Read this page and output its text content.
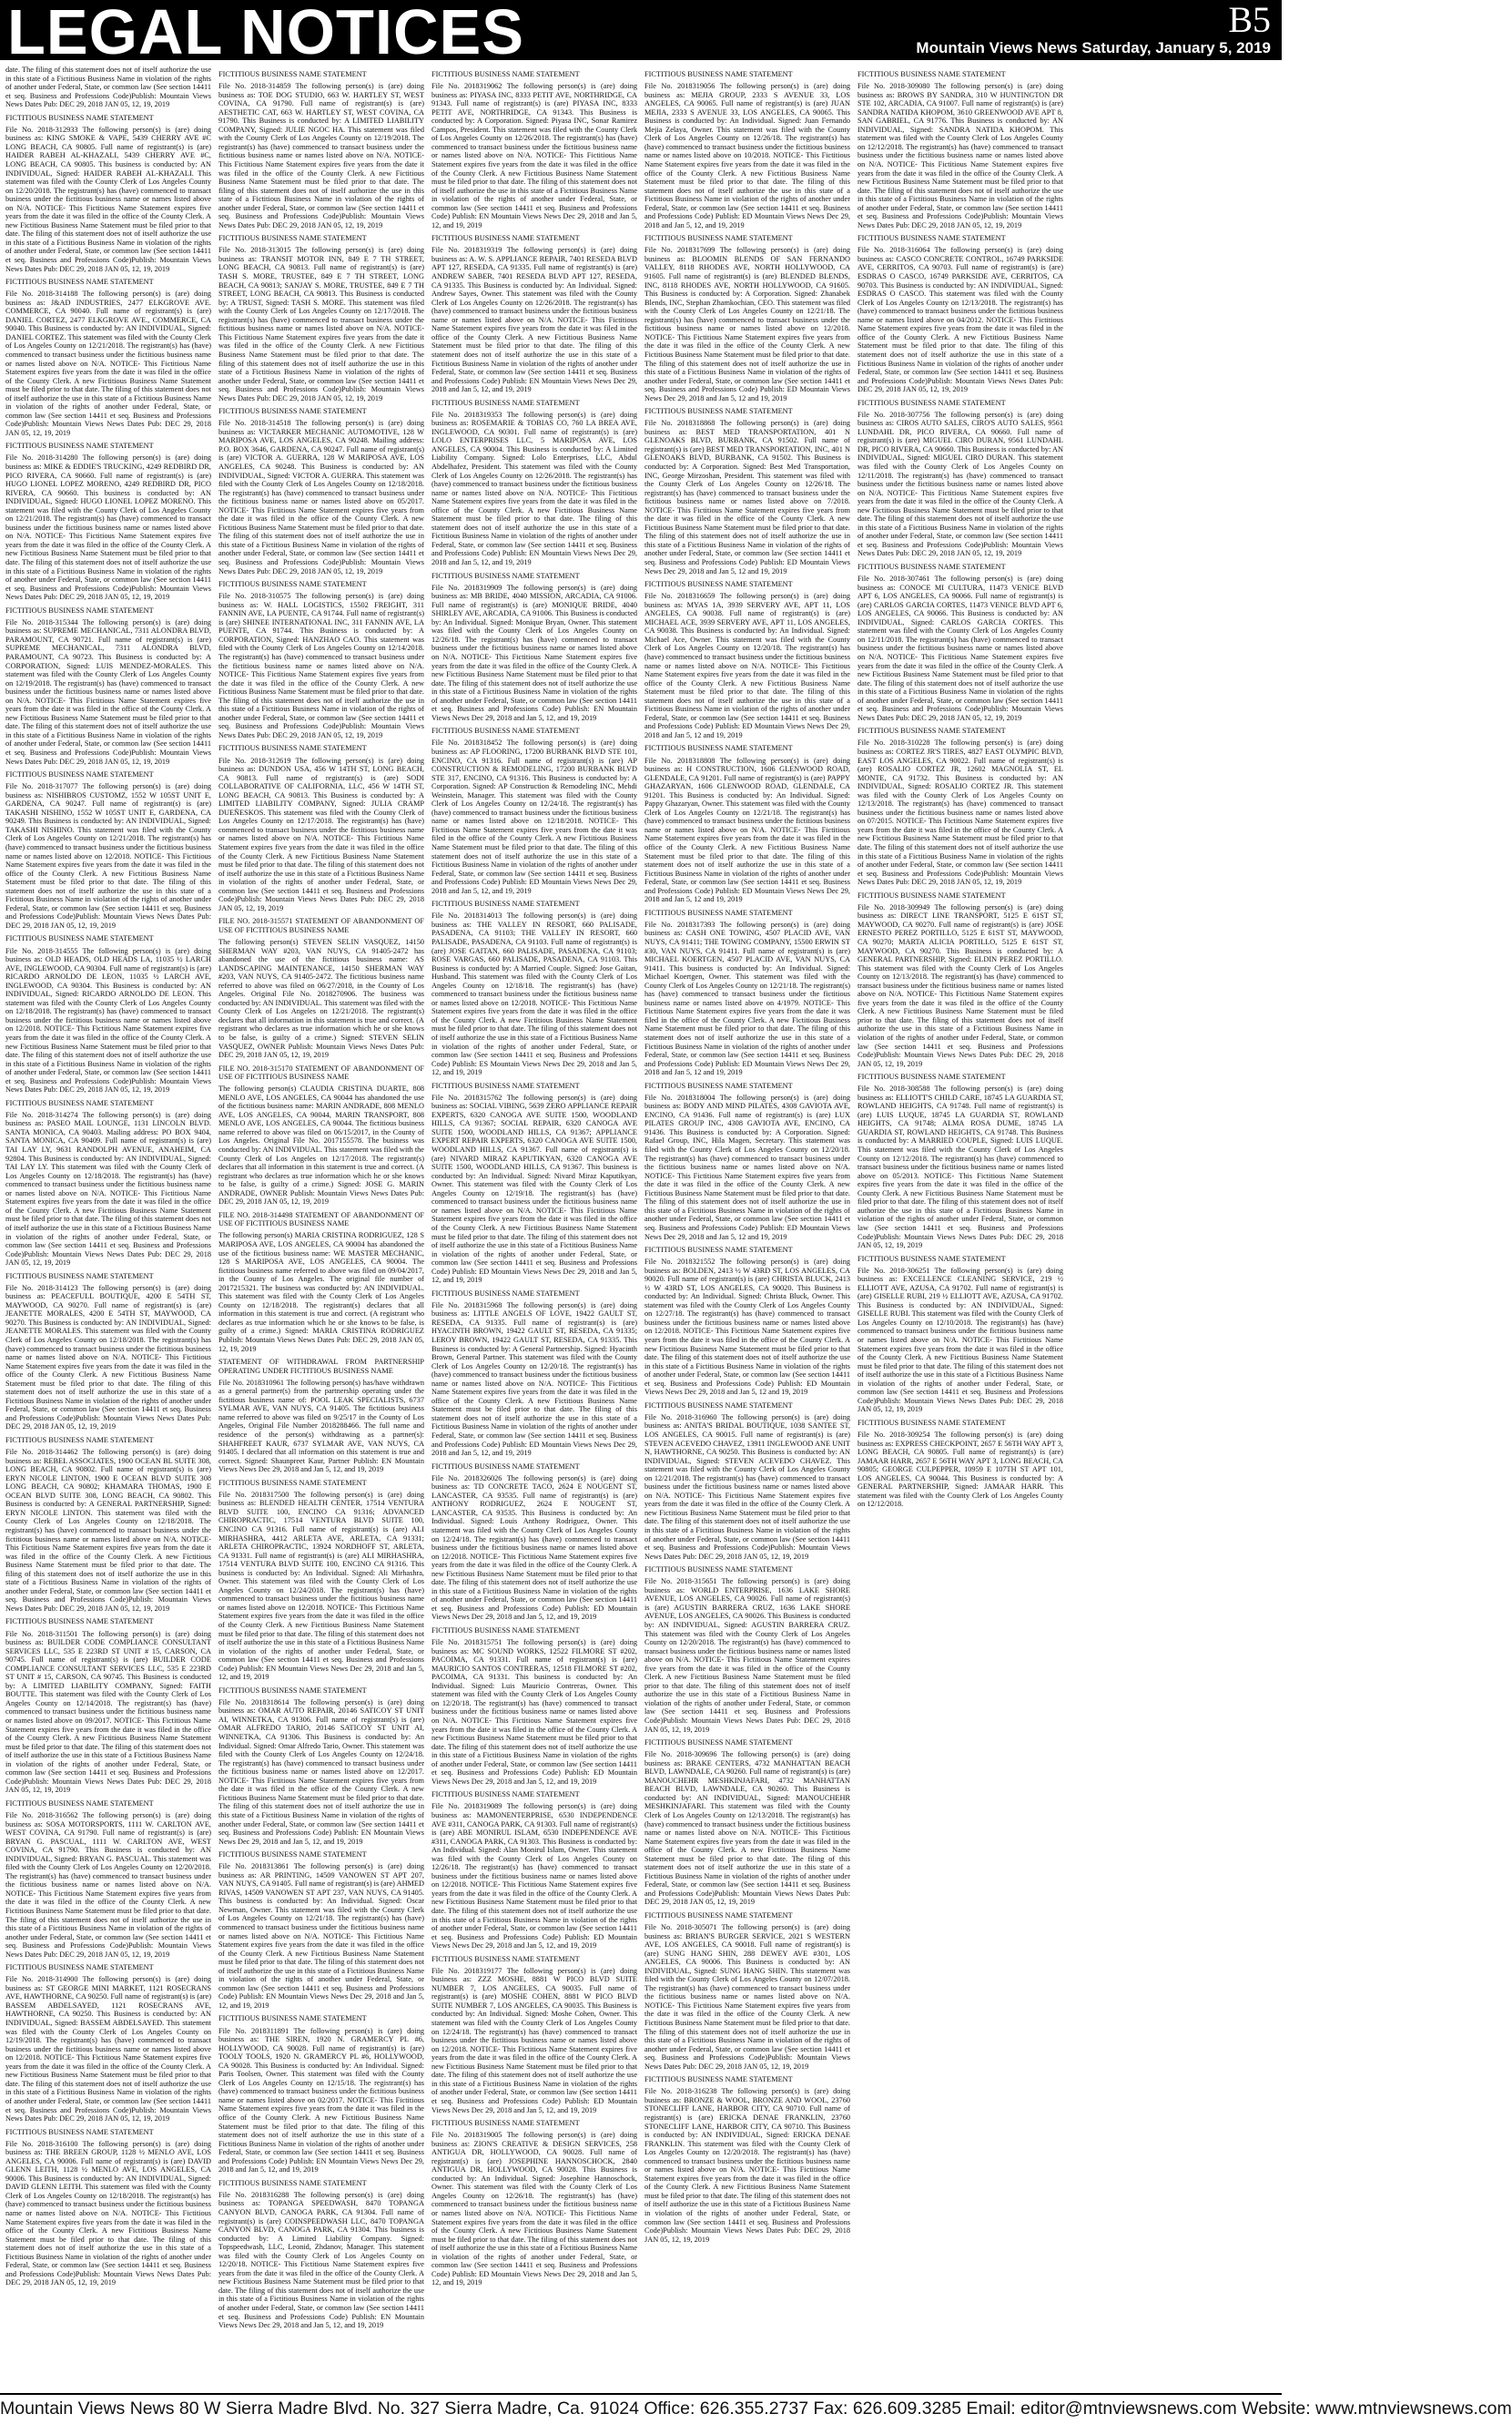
LEGAL NOTICES	B5
Mountain Views News Saturday, January 5, 2019

date. The filing of this statement does not of itself authorize the use in this state of a Fictitious Business Name in violation of the rights of another under Federal, State, or common law (See section 14411 et seq. Business and Professions Code)Publish: Mountain Views News Dates Pub: DEC 29, 2018 JAN 05, 12, 19, 2019

FICTITIOUS BUSINESS NAME STATEMENT

File No. 2018-312933 The following person(s) is (are) doing business as: KING SMOKE & VAPE, 5439 CHERRY AVE #C LONG BEACH, CA 90805. Full name of registrant(s) is (are) HAIDER RABEH AL-KHAZALI, 5439 CHERRY AVE #C, LONG BEACH, CA 90805. This business is conducted by: AN INDIVIDUAL, Signed: HAIDER RABEH AL-KHAZALI. This statement was filed with the County Clerk of Los Angeles County on 12/20/2018. The registrant(s) has (have) commenced to transact business under the fictitious business name or names listed above on N/A. NOTICE- This Fictitious Name Statement expires five years from the date it was filed in the office of the County Clerk. A new Fictitious Business Name Statement must be filed prior to that date. The filing of this statement does not of itself authorize the use in this state of a Fictitious Business Name in violation of the rights of another under Federal, State, or common law (See section 14411 et seq. Business and Professions Code)Publish: Mountain Views News Dates Pub: DEC 29, 2018 JAN 05, 12, 19, 2019

FICTITIOUS BUSINESS NAME STATEMENT

File No. 2018-314188 The following person(s) is (are) doing business as: J&AD INDUSTRIES, 2477 ELKGROVE AVE. COMMERCE, CA 90040. Full name of registrant(s) is (are) DANIEL CORTEZ, 2477 ELKGROVE AVE., COMMERCE, CA 90040. This Business is conducted by: AN INDIVIDUAL, Signed: DANIEL CORTEZ. This statement was filed with the County Clerk of Los Angeles County on 12/21/2018. The registrant(s) has (have) commenced to transact business under the fictitious business name or names listed above on N/A. NOTICE- This Fictitious Name Statement expires five years from the date it was filed in the office of the County Clerk. A new Fictitious Business Name Statement must be filed prior to that date. The filing of this statement does not of itself authorize the use in this state of a Fictitious Business Name in violation of the rights of another under Federal, State, or common law (See section 14411 et seq. Business and Professions Code)Publish: Mountain Views News Dates Pub: DEC 29, 2018 JAN 05, 12, 19, 2019

FICTITIOUS BUSINESS NAME STATEMENT

File No. 2018-314280 The following person(s) is (are) doing business as: MIKE & EDDIE'S TRUCKING, 4249 REDBIRD DR, PICO RIVERA, CA 90660. Full name of registrant(s) is (are) HUGO LIONEL LOPEZ MORENO, 4249 REDBIRD DR, PICO RIVERA, CA 90660. This business is conducted by: AN INDIVIDUAL, Signed: HUGO LIONEL LOPEZ MORENO. This statement was filed with the County Clerk of Los Angeles County on 12/21/2018. The registrant(s) has (have) commenced to transact business under the fictitious business name or names listed above on N/A. NOTICE- This Fictitious Name Statement expires five years from the date it was filed in the office of the County Clerk. A new Fictitious Business Name Statement must be filed prior to that date. The filing of this statement does not of itself authorize the use in this state of a Fictitious Business Name in violation of the rights of another under Federal, State, or common law (See section 14411 et seq. Business and Professions Code)Publish: Mountain Views News Dates Pub: DEC 29, 2018 JAN 05, 12, 19, 2019

FICTITIOUS BUSINESS NAME STATEMENT

File No. 2018-315344 The following person(s) is (are) doing business as: SUPREME MECHANICAL, 7311 ALONDRA BLVD, PARAMOUNT, CA 90721. Full name of registrant(s) is (are) SUPREME MECHANICAL, 7311 ALONDRA BLVD, PARAMOUNT, CA 90723. This Business is conducted by: A CORPORATION, Signed: LUIS MENDEZ-MORALES. This statement was filed with the County Clerk of Los Angeles County on 12/19/2018. The registrant(s) has (have) commenced to transact business under the fictitious business name or names listed above on N/A. NOTICE- This Fictitious Name Statement expires five years from the date it was filed in the office of the County Clerk. A new Fictitious Business Name Statement must be filed prior to that date. The filing of this statement does not of itself authorize the use in this state of a Fictitious Business Name in violation of the rights of another under Federal, State, or common law (See section 14411 et seq. Business and Professions Code)Publish: Mountain Views News Dates Pub: DEC 29, 2018 JAN 05, 12, 19, 2019

FICTITIOUS BUSINESS NAME STATEMENT

File No. 2018-317077 The following person(s) is (are) doing business as: NISHIBROS CUSTOMZ, 1552 W 105ST UNIT E, GARDENA, CA 90247. Full name of registrant(s) is (are) TAKASHI NISHINO, 1552 W 105ST UNIT E, GARDENA, CA 90249. This Business is conducted by: AN INDIVIDUAL, Signed: TAKASHI NISHINO. This statement was filed with the County Clerk of Los Angeles County on 12/21/2018. The registrant(s) has (have) commenced to transact business under the fictitious business name or names listed above on 12/2018. NOTICE- This Fictitious Name Statement expires five years from the date it was filed in the office of the County Clerk. A new Fictitious Business Name Statement must be filed prior to that date. The filing of this statement does not of itself authorize the use in this state of a Fictitious Business Name in violation of the rights of another under Federal, State, or common law (See section 14411 et seq. Business and Professions Code)Publish: Mountain Views News Dates Pub: DEC 29, 2018 JAN 05, 12, 19, 2019

FICTITIOUS BUSINESS NAME STATEMENT

File No. 2018-314555 The following person(s) is (are) doing business as: OLD HEADS, OLD HEADS LA, 11035 ½ LARCH AVE, INGLEWOOD, CA 90304. Full name of registrant(s) is (are) RICARDO ARNOLDO DE LEON, 11035 ½ LARCH AVE, INGLEWOOD, CA 90304. This Business is conducted by: AN INDIVIDUAL, Signed: RICARDO ARNOLDO DE LEON. This statement was filed with the County Clerk of Los Angeles County on 12/18/2018. The registrant(s) has (have) commenced to transact business under the fictitious business name or names listed above on 12/2018. NOTICE- This Fictitious Name Statement expires five years from the date it was filed in the office of the County Clerk. A new Fictitious Business Name Statement must be filed prior to that date. The filing of this statement does not of itself authorize the use in this state of a Fictitious Business Name in violation of the rights of another under Federal, State, or common law (See section 14411 et seq. Business and Professions Code)Publish: Mountain Views News Dates Pub: DEC 29, 2018 JAN 05, 12, 19, 2019

FICTITIOUS BUSINESS NAME STATEMENT

File No. 2018-314274 The following person(s) is (are) doing business as: PASEO MAIL LOUNGE, 1131 LINCOLN BLVD. SANTA MONICA, CA 90403. Mailing address: PO BOX 9404, SANTA MONICA, CA 90409. Full name of registrant(s) is (are) TAI LAY LY, 9631 RANDOLPH AVENUE, ANAHEIM, CA 92804. This Business is conducted by: AN INDIVIDUAL, Signed: TAI LAY LY. This statement was filed with the County Clerk of Los Angeles County on 12/18/2018. The registrant(s) has (have) commenced to transact business under the fictitious business name or names listed above on N/A. NOTICE- This Fictitious Name Statement expires five years from the date it was filed in the office of the County Clerk. A new Fictitious Business Name Statement must be filed prior to that date. The filing of this statement does not of itself authorize the use in this state of a Fictitious Business Name in violation of the rights of another under Federal, State, or common law (See section 14411 et seq. Business and Professions Code)Publish: Mountain Views News Dates Pub: DEC 29, 2018 JAN 05, 12, 19, 2019

FICTITIOUS BUSINESS NAME STATEMENT

File No. 2018-314123 The following person(s) is (are) doing business as: PEACEFULL BOUTIQUE, 4200 E 54TH ST, MAYWOOD, CA 90270. Full name of registrant(s) is (are) JEANETTE MORALES, 4200 E 54TH ST, MAYWOOD, CA 90270. This Business is conducted by: AN INDIVIDUAL, Signed: JEANETTE MORALES. This statement was filed with the County Clerk of Los Angeles County on 12/18/2018. The registrant(s) has (have) commenced to transact business under the fictitious business name or names listed above on N/A. NOTICE- This Fictitious Name Statement expires five years from the date it was filed in the office of the County Clerk. A new Fictitious Business Name Statement must be filed prior to that date. The filing of this statement does not of itself authorize the use in this state of a Fictitious Business Name in violation of the rights of another under Federal, State, or common law (See section 14411 et seq. Business and Professions Code)Publish: Mountain Views News Dates Pub: DEC 29, 2018 JAN 05, 12, 19, 2019

FICTITIOUS BUSINESS NAME STATEMENT

File No. 2018-314462 The following person(s) is (are) doing business as: REBEL ASSOCIATES, 1900 OCEAN BL SUITE 308, LONG BEACH, CA 90802. Full name of registrant(s) is (are) ERYN NICOLE LINTON, 1900 E OCEAN BLVD SUITE 308 LONG BEACH, CA 90802; KHAMARA THOMAS, 1900 E OCEAN BLVD SUITE 308, LONG BEACH, CA 90802. This Business is conducted by: A GENERAL PARTNERSHIP, Signed: ERYN NICOLE LINTON. This statement was filed with the County Clerk of Los Angeles County on 12/18/2018. The registrant(s) has (have) commenced to transact business under the fictitious business name or names listed above on N/A. NOTICE- This Fictitious Name Statement expires five years from the date it was filed in the office of the County Clerk. A new Fictitious Business Name Statement must be filed prior to that date. The filing of this statement does not of itself authorize the use in this state of a Fictitious Business Name in violation of the rights of another under Federal, State, or common law (See section 14411 et seq. Business and Professions Code)Publish: Mountain Views News Dates Pub: DEC 29, 2018 JAN 05, 12, 19, 2019

FICTITIOUS BUSINESS NAME STATEMENT

File No. 2018-311501 The following person(s) is (are) doing business as: BUILDER CODE COMPLIANCE CONSULTANT SERVICES LLC, 535 E 223RD ST UNIT # 15, CARSON, CA 90745. Full name of registrant(s) is (are) BUILDER CODE COMPLIANCE CONSULTANT SERVICES LLC, 535 E 223RD ST UNIT # 15, CARSON, CA 90745. This Business is conducted by: A LIMITED LIABILITY COMPANY, Signed: FAITH BOUTTE. This statement was filed with the County Clerk of Los Angeles County on 12/14/2018. The registrant(s) has (have) commenced to transact business under the fictitious business name or names listed above on 09/2017. NOTICE- This Fictitious Name Statement expires five years from the date it was filed in the office of the County Clerk. A new Fictitious Business Name Statement must be filed prior to that date. The filing of this statement does not of itself authorize the use in this state of a Fictitious Business Name in violation of the rights of another under Federal, State, or common law (See section 14411 et seq. Business and Professions Code)Publish: Mountain Views News Dates Pub: DEC 29, 2018 JAN 05, 12, 19, 2019

FICTITIOUS BUSINESS NAME STATEMENT

File No. 2018-316562 The following person(s) is (are) doing business as: SOSA MOTORSPORTS, 1111 W. CARLTON AVE, WEST COVINA, CA 91790. Full name of registrant(s) is (are) BRYAN G. PASCUAL, 1111 W. CARLTON AVE, WEST COVINA, CA 91790. This Business is conducted by: AN INDIVIDUAL, Signed: BRYAN G. PASCUAL. This statement was filed with the County Clerk of Los Angeles County on 12/20/2018. The registrant(s) has (have) commenced to transact business under the fictitious business name or names listed above on N/A. NOTICE- This Fictitious Name Statement expires five years from the date it was filed in the office of the County Clerk. A new Fictitious Business Name Statement must be filed prior to that date. The filing of this statement does not of itself authorize the use in this state of a Fictitious Business Name in violation of the rights of another under Federal, State, or common law (See section 14411 et seq. Business and Professions Code)Publish: Mountain Views News Dates Pub: DEC 29, 2018 JAN 05, 12, 19, 2019

FICTITIOUS BUSINESS NAME STATEMENT

File No. 2018-314900 The following person(s) is (are) doing business as: ST GEORGE MINI MARKET, 1121 ROSECRANS AVE, HAWTHORNE, CA 90250. Full name of registrant(s) is (are) BASSEM ABDELSAYED, 1121 ROSECRANS AVE, HAWTHORNE, CA 90250. This Business is conducted by: AN INDIVIDUAL, Signed: BASSEM ABDELSAYED. This statement was filed with the County Clerk of Los Angeles County on 12/19/2018. The registrant(s) has (have) commenced to transact business under the fictitious business name or names listed above on 12/2018. NOTICE- This Fictitious Name Statement expires five years from the date it was filed in the office of the County Clerk. A new Fictitious Business Name Statement must be filed prior to that date. The filing of this statement does not of itself authorize the use in this state of a Fictitious Business Name in violation of the rights of another under Federal, State, or common law (See section 14411 et seq. Business and Professions Code)Publish: Mountain Views News Dates Pub: DEC 29, 2018 JAN 05, 12, 19, 2019

FICTITIOUS BUSINESS NAME STATEMENT

File No. 2018-316100 The following person(s) is (are) doing business as: THE BREEN GROUP, 1128 ½ MENLO AVE, LOS ANGELES, CA 90006. Full name of registrant(s) is (are) DAVID GLENN LEITH, 1128 ½ MENLO AVE, LOS ANGELES, CA 90006. This Business is conducted by: AN INDIVIDUAL, Signed: DAVID GLENN LEITH. This statement was filed with the County Clerk of Los Angeles County on 12/18/2018. The registrant(s) has (have) commenced to transact business under the fictitious business name or names listed above on N/A. NOTICE- This Fictitious Name Statement expires five years from the date it was filed in the office of the County Clerk. A new Fictitious Business Name Statement must be filed prior to that date. The filing of this statement does not of itself authorize the use in this state of a Fictitious Business Name in violation of the rights of another under Federal, State, or common law (See section 14411 et seq. Business and Professions Code)Publish: Mountain Views News Dates Pub: DEC 29, 2018 JAN 05, 12, 19, 2019

FICTITIOUS BUSINESS NAME STATEMENT

File No. 2018-314859 The following person(s) is (are) doing business as: TOE DOG STUDIO, 663 W. HARTLEY ST, WEST COVINA, CA 91790. Full name of registrant(s) is (are) AESTHETIC CAT, 663 W. HARTLEY ST, WEST COVINA, CA 91790. This Business is conducted by: A LIMITED LIABILITY COMPANY, Signed: JULIE NGOC HA. This statement was filed with the County Clerk of Los Angeles County on 12/19/2018. The registrant(s) has (have) commenced to transact business under the fictitious business name or names listed above on N/A. NOTICE- This Fictitious Name Statement expires five years from the date it was filed in the office of the County Clerk. A new Fictitious Business Name Statement must be filed prior to that date. The filing of this statement does not of itself authorize the use in this state of a Fictitious Business Name in violation of the rights of another under Federal, State, or common law (See section 14411 et seq. Business and Professions Code)Publish: Mountain Views News Dates Pub: DEC 29, 2018 JAN 05, 12, 19, 2019

FICTITIOUS BUSINESS NAME STATEMENT

File No. 2018-313015 The following person(s) is (are) doing business as: TRANSIT MOTOR INN, 849 E 7 TH STREET, LONG BEACH, CA 90813. Full name of registrant(s) is (are) TASH S. MORE, TRUSTEE, 849 E 7 TH STREET, LONG BEACH, CA 90813; SANJAY S. MORE, TRUSTEE, 849 E 7 TH STREET, LONG BEACH, CA 90813. This Business is conducted by: A TRUST, Signed: TASH S. MORE. This statement was filed with the County Clerk of Los Angeles County on 12/17/2018. The registrant(s) has (have) commenced to transact business under the fictitious business name or names listed above on N/A. NOTICE- This Fictitious Name Statement expires five years from the date it was filed in the office of the County Clerk. A new Fictitious Business Name Statement must be filed prior to that date. The filing of this statement does not of itself authorize the use in this state of a Fictitious Business Name in violation of the rights of another under Federal, State, or common law (See section 14411 et seq. Business and Professions Code)Publish: Mountain Views News Dates Pub: DEC 29, 2018 JAN 05, 12, 19, 2019

FICTITIOUS BUSINESS NAME STATEMENT

File No. 2018-314518 The following person(s) is (are) doing business as: VICTARKER MECHANIC AUTOMOTIVE, 128 W MARIPOSA AVE, LOS ANGELES, CA 90248. Mailing address: P.O. BOX 3646, GARDENA, CA 90247. Full name of registrant(s) is (are) VICTOR A. GUERRA, 128 W MARIPOSA AVE, LOS ANGELES, CA 90248. This Business is conducted by: AN INDIVIDUAL, Signed: VICTOR A. GUERRA. This statement was filed with the County Clerk of Los Angeles County on 12/18/2018. The registrant(s) has (have) commenced to transact business under the fictitious business name or names listed above on 05/2017. NOTICE- This Fictitious Name Statement expires five years from the date it was filed in the office of the County Clerk. A new Fictitious Business Name Statement must be filed prior to that date. The filing of this statement does not of itself authorize the use in this state of a Fictitious Business Name in violation of the rights of another under Federal, State, or common law (See section 14411 et seq. Business and Professions Code)Publish: Mountain Views News Dates Pub: DEC 29, 2018 JAN 05, 12, 19, 2019

FICTITIOUS BUSINESS NAME STATEMENT

File No. 2018-310575 The following person(s) is (are) doing business as: W. HALL LOGISTICS, 15502 FREIGHT, 311 FANNIN AVE, LA PUENTE, CA 91744. Full name of registrant(s) is (are) SHINEE INTERNATIONAL INC, 311 FANNIN AVE, LA PUENTE, CA 91744. This Business is conducted by: A CORPORATION, Signed: HANZHAO CAO. This statement was filed with the County Clerk of Los Angeles County on 12/14/2018. The registrant(s) has (have) commenced to transact business under the fictitious business name or names listed above on N/A. NOTICE- This Fictitious Name Statement expires five years from the date it was filed in the office of the County Clerk. A new Fictitious Business Name Statement must be filed prior to that date. The filing of this statement does not of itself authorize the use in this state of a Fictitious Business Name in violation of the rights of another under Federal, State, or common law (See section 14411 et seq. Business and Professions Code)Publish: Mountain Views News Dates Pub: DEC 29, 2018 JAN 05, 12, 19, 2019

FICTITIOUS BUSINESS NAME STATEMENT

File No. 2018-312619 The following person(s) is (are) doing business as: DUNDON USA, 456 W 14TH ST, LONG BEACH, CA 90813. Full name of registrant(s) is (are) SODI COLLABORATIVE OF CALIFORNIA, LLC, 456 W 14TH ST, LONG BEACH, CA 90813. This Business is conducted by: A LIMITED LIABILITY COMPANY, Signed: JULIA CRAMP DUEÑESKOS. This statement was filed with the County Clerk of Los Angeles County on 12/17/2018. The registrant(s) has (have) commenced to transact business under the fictitious business name or names listed above on N/A. NOTICE- This Fictitious Name Statement expires five years from the date it was filed in the office of the County Clerk. A new Fictitious Business Name Statement must be filed prior to that date. The filing of this statement does not of itself authorize the use in this state of a Fictitious Business Name in violation of the rights of another under Federal, State, or common law (See section 14411 et seq. Business and Professions Code)Publish: Mountain Views News Dates Pub: DEC 29, 2018 JAN 05, 12, 19, 2019

FILE NO. 2018-315571 STATEMENT OF ABANDONMENT OF USE OF FICTITIOUS BUSINESS NAME

The following person(s) STEVEN SELIN VASQUEZ, 14150 SHERMAN WAY #203, VAN NUYS, CA 91405-2472 has abandoned the use of the fictitious business name: AS LANDSCAPING MAINTENANCE, 14150 SHERMAN WAY #203, VAN NUYS, CA 91405-2472. The fictitious business name referred to above was filed on 06/27/2018, in the County of Los Angeles. Original File No. 2018270906. The business was conducted by: AN INDIVIDUAL. This statement was filed with the County Clerk of Los Angeles on 12/21/2018. The registrant(s) declares that all information in this statement is true and correct. (A registrant who declares as true information which he or she knows to be false, is guilty of a crime.) Signed: STEVEN SELIN VASQUEZ, OWNER Publish: Mountain Views News Dates Pub: DEC 29, 2018 JAN 05, 12, 19, 2019

FILE NO. 2018-315170 STATEMENT OF ABANDONMENT OF USE OF FICTITIOUS BUSINESS NAME

The following person(s) CLAUDIA CRISTINA DUARTE, 808 MENLO AVE, LOS ANGELES, CA 90044 has abandoned the use of the fictitious business name: MARIN ANDRADE, 808 MENLO AVE, LOS ANGELES, CA 90044, MARIN TRANSPORT, 808 MENLO AVE, LOS ANGELES, CA 90044. The fictitious business name referred to above was filed on 06/15/2017, in the County of Los Angeles. Original File No. 2017155578. The business was conducted by: AN INDIVIDUAL. This statement was filed with the County Clerk of Los Angeles on 12/17/2018. The registrant(s) declares that all information in this statement is true and correct. (A registrant who declares as true information which he or she knows to be false, is guilty of a crime.) Signed: JOSE G. MARIN ANDRADE, OWNER Publish: Mountain Views News Dates Pub: DEC 29, 2018 JAN 05, 12, 19, 2019

FILE NO. 2018-314498 STATEMENT OF ABANDONMENT OF USE OF FICTITIOUS BUSINESS NAME

The following person(s) MARIA CRISTINA RODRIGUEZ, 128 S MARIPOSA AVE, LOS ANGELES, CA 90004 has abandoned the use of the fictitious business name: WE MASTER MECHANIC, 128 S MARIPOSA AVE, LOS ANGELES, CA 90004. The fictitious business name referred to above was filed on 09/04/2017, in the County of Los Angeles. The original file number of 2017215321. The business was conducted by: AN INDIVIDUAL. This statement was filed with the County Clerk of Los Angeles County on 12/18/2018. The registrant(s) declares that all information in this statement is true and correct. (A registrant who declares as true information which he or she knows to be false, is guilty of a crime.) Signed: MARIA CRISTINA RODRIGUEZ Publish: Mountain Views News Dates Pub: DEC 29, 2018 JAN 05, 12, 19, 2019

STATEMENT OF WITHDRAWAL FROM PARTNERSHIP OPERATING UNDER FICTITIOUS BUSINESS NAME

File No. 2018310961 The following person(s) has/have withdrawn as a general partner(s) from the partnership operating under the fictitious business name of: POOL LEAK SPECIALISTS, 6737 SYLMAR AVE, VAN NUYS, CA 91405. The fictitious business name referred to above was filed on 9/25/17 in the County of Los Angeles, Original File Number 2018288466. The full name and residence of the person(s) withdrawing as a partner(s): SHAHFREET KAUR, 6737 SYLMAR AVE, VAN NUYS, CA 91405. I declared that all information on this statement is true and correct. Signed: Shaunpreet Kaur, Partner Publish: EN Mountain Views News Dec 29, 2018 and Jan 5, 12, and 19, 2019

FICTITIOUS BUSINESS NAME STATEMENT

File No. 2018317500 The following person(s) is (are) doing business as: BLENDED HEALTH CENTER, 17514 VENTURA BLVD SUITE 100, ENCINO CA 91316; ADVANCED CHIROPRACTIC, 17514 VENTURA BLVD SUITE 100, ENCINO CA 91316. Full name of registrant(s) is (are) ALI MIRHASHRA, 4412 ARLETA AVE, ARLETA, CA 91331; ARLETA CHIROPRACTIC, 13924 NORDHOFF ST, ARLETA, CA 91331. Full name of registrant(s) is (are) ALI MIRHASHRA, 17514 VENTURA BLVD SUITE 100, ENCINO CA 91316. This business is conducted by: An Individual. Signed: Ali Mirhashra, Owner. This statement was filed with the County Clerk of Los Angeles County on 12/24/2018. The registrant(s) has (have) commenced to transact business under the fictitious business name or names listed above on 12/2018. NOTICE- This Fictitious Name Statement expires five years from the date it was filed in the office of the County Clerk. A new Fictitious Business Name Statement must be filed prior to that date. The filing of this statement does not of itself authorize the use in this state of a Fictitious Business Name in violation of the rights of another under Federal, State, or common law (See section 14411 et seq. Business and Professions Code) Publish: EN Mountain Views News Dec 29, 2018 and Jan 5, 12, and 19, 2019

FICTITIOUS BUSINESS NAME STATEMENT

File No. 2018318614 The following person(s) is (are) doing business as: OMAR AUTO REPAIR, 20146 SATICOY ST UNIT AI, WINNETKA, CA 91306. Full name of registrant(s) is (are) OMAR ALFREDO TARIO, 20146 SATICOY ST UNIT AI, WINNETKA, CA 91306. This Business is conducted by: An Individual. Signed: Omar Alfredo Tario, Owner. This statement was filed with the County Clerk of Los Angeles County on 12/24/18. The registrant(s) has (have) commenced to transact business under the fictitious business name or names listed above on 12/2017. NOTICE- This Fictitious Name Statement expires five years from the date it was filed in the office of the County Clerk. A new Fictitious Business Name Statement must be filed prior to that date. The filing of this statement does not of itself authorize the use in this state of a Fictitious Business Name in violation of the rights of another under Federal, State, or common law (See section 14411 et seq. Business and Professions Code) Publish: EN Mountain Views News Dec 29, 2018 and Jan 5, 12, and 19, 2019

FICTITIOUS BUSINESS NAME STATEMENT

File No. 2018313861 The following person(s) is (are) doing business as: AR PRINTING, 14509 VANOWEN ST APT 207, VAN NUYS, CA 91405. Full name of registrant(s) is (are) AHMED RIVAS, 14509 VANOWEN ST APT 237, VAN NUYS, CA 91405. This business is conducted by: An Individual. Signed: Oscar Newman, Owner. This statement was filed with the County Clerk of Los Angeles County on 12/21/18. The registrant(s) has (have) commenced to transact business under the fictitious business name or names listed above on N/A. NOTICE- This Fictitious Name Statement expires five years from the date it was filed in the office of the County Clerk. A new Fictitious Business Name Statement must be filed prior to that date. The filing of this statement does not of itself authorize the use in this state of a Fictitious Business Name in violation of the rights of another under Federal, State, or common law (See section 14411 et seq. Business and Professions Code) Publish: EN Mountain Views News Dec 29, 2018 and Jan 5, 12, and 19, 2019

FICTITIOUS BUSINESS NAME STATEMENT

File No. 2018311891 The following person(s) is (are) doing business as: THE SIREN, 1920 N. GRAMERCY PL #6, HOLLYWOOD, CA 90028. Full name of registrant(s) is (are) TOOLY TOOLS, 1920 N. GRAMERCY PL #6, HOLLYWOOD, CA 90028. This Business is conducted by: An Individual. Signed: Paris Toolsen, Owner. This statement was filed with the County Clerk of Los Angeles County on 12/15/18. The registrant(s) has (have) commenced to transact business under the fictitious business name or names listed above on 02/2017. NOTICE- This Fictitious Name Statement expires five years from the date it was filed in the office of the County Clerk. A new Fictitious Business Name Statement must be filed prior to that date. The filing of this statement does not of itself authorize the use in this state of a Fictitious Business Name in violation of the rights of another under Federal, State, or common law (See section 14411 et seq. Business and Professions Code) Publish: EN Mountain Views News Dec 29, 2018 and Jan 5, 12, and 19, 2019

FICTITIOUS BUSINESS NAME STATEMENT

File No. 2018316288 The following person(s) is (are) doing business as: TOPANGA SPEEDWASH, 8470 TOPANGA CANYON BLVD, CANOGA PARK, CA 91304. Full name of registrant(s) is (are) COINSPEEDWASH LLC, 8470 TOPANGA CANYON BLVD, CANOGA PARK, CA 91304. This business is conducted by: A Limited Liability Company. Signed: Topspeedwash, LLC, Leonid, Zhdanov, Manager. This statement was filed with the County Clerk of Los Angeles County on 12/20/18. NOTICE- This Fictitious Name Statement expires five years from the date it was filed in the office of the County Clerk. A new Fictitious Business Name Statement must be filed prior to that date. The filing of this statement does not of itself authorize the use in this state of a Fictitious Business Name in violation of the rights of another under Federal, State, or common law (See section 14411 et seq. Business and Professions Code) Publish: EN Mountain Views News Dec 29, 2018 and Jan 5, 12, and 19, 2019

FICTITIOUS BUSINESS NAME STATEMENT

File No. 2018319062 The following person(s) is (are) doing business as: PIYASA INC, 8333 PETIT AVE, NORTHRIDGE, CA 91343. Full name of registrant(s) is (are) PIYASA INC, 8333 PETIT AVE, NORTHRIDGE, CA 91343. This Business is conducted by: A Corporation. Signed: Piyasa INC, Sonar Ramirez Campos, President. This statement was filed with the County Clerk of Los Angeles County on 12/26/2018. The registrant(s) has (have) commenced to transact business under the fictitious business name or names listed above on N/A. NOTICE- This Fictitious Name Statement expires five years from the date it was filed in the office of the County Clerk. A new Fictitious Business Name Statement must be filed prior to that date. The filing of this statement does not of itself authorize the use in this state of a Fictitious Business Name in violation of the rights of another under Federal, State, or common law (See section 14411 et seq. Business and Professions Code) Publish: EN Mountain Views News Dec 29, 2018 and Jan 5, 12, and 19, 2019

FICTITIOUS BUSINESS NAME STATEMENT

File No. 2018319319 The following person(s) is (are) doing business as: A. W. S. APPLIANCE REPAIR, 7401 RESEDA BLVD APT 127, RESEDA, CA 91335. Full name of registrant(s) is (are) ANDREW SABER, 7401 RESEDA BLVD APT 127, RESEDA, CA 91335. This Business is conducted by: An Individual. Signed: Andrew Sayes, Owner. This statement was filed with the County Clerk of Los Angeles County on 12/26/2018. The registrant(s) has (have) commenced to transact business under the fictitious business name or names listed above on N/A. NOTICE- This Fictitious Name Statement expires five years from the date it was filed in the office of the County Clerk. A new Fictitious Business Name Statement must be filed prior to that date. The filing of this statement does not of itself authorize the use in this state of a Fictitious Business Name in violation of the rights of another under Federal, State, or common law (See section 14411 et seq. Business and Professions Code) Publish: EN Mountain Views News Dec 29, 2018 and Jan 5, 12, and 19, 2019

FICTITIOUS BUSINESS NAME STATEMENT

File No. 2018319353 The following person(s) is (are) doing business as: ROSEMARIE & TOBIAS CO, 760 LA BREA AVE, INGLEWOOD, CA 90301. Full name of registrant(s) is (are) LOLO ENTERPRISES LLC, 5 MARIPOSA AVE, LOS ANGELES, CA 90004. This Business is conducted by: A Limited Liability Company. Signed: Lolo Enterprises, LLC, Abdul Abdelhafez, President. This statement was filed with the County Clerk of Los Angeles County on 12/26/2018. The registrant(s) has (have) commenced to transact business under the fictitious business name or names listed above on N/A. NOTICE- This Fictitious Name Statement expires five years from the date it was filed in the office of the County Clerk. A new Fictitious Business Name Statement must be filed prior to that date. The filing of this statement does not of itself authorize the use in this state of a Fictitious Business Name in violation of the rights of another under Federal, State, or common law (See section 14411 et seq. Business and Professions Code) Publish: EN Mountain Views News Dec 29, 2018 and Jan 5, 12, and 19, 2019

FICTITIOUS BUSINESS NAME STATEMENT

File No. 2018319909 The following person(s) is (are) doing business as: MB BRIDE, 4040 MISSION, ARCADIA, CA 91006. Full name of registrant(s) is (are) MONIQUE BRIDE, 4040 SHIRLEY AVE, ARCADIA, CA 91006. This Business is conducted by: An Individual. Signed: Monique Bryan, Owner. This statement was filed with the County Clerk of Los Angeles County on 12/26/18. The registrant(s) has (have) commenced to transact business under the fictitious business name or names listed above on N/A. NOTICE- This Fictitious Name Statement expires five years from the date it was filed in the office of the County Clerk. A new Fictitious Business Name Statement must be filed prior to that date. The filing of this statement does not of itself authorize the use in this state of a Fictitious Business Name in violation of the rights of another under Federal, State, or common law (See section 14411 et seq. Business and Professions Code) Publish: EN Mountain Views News Dec 29, 2018 and Jan 5, 12, and 19, 2019

FICTITIOUS BUSINESS NAME STATEMENT

File No. 2018318452 The following person(s) is (are) doing business as: AP FLOORING, 17200 BURBANK BLVD STE 101, ENCINO, CA 91316. Full name of registrant(s) is (are) AP CONSTRUCTION & REMODELING, 17200 BURBANK BLVD STE 317, ENCINO, CA 91316. This Business is conducted by: A Corporation. Signed: AP Construction & Remodeling INC, Mehdi Weinstein, Manager. This statement was filed with the County Clerk of Los Angeles County on 12/24/18. The registrant(s) has (have) commenced to transact business under the fictitious business name or names listed above on 12/18/2018. NOTICE- This Fictitious Name Statement expires five years from the date it was filed in the office of the County Clerk. A new Fictitious Business Name Statement must be filed prior to that date. The filing of this statement does not of itself authorize the use in this state of a Fictitious Business Name in violation of the rights of another under Federal, State, or common law (See section 14411 et seq. Business and Professions Code) Publish: ED Mountain Views News Dec 29, 2018 and Jan 5, 12, and 19, 2019

FICTITIOUS BUSINESS NAME STATEMENT

File No. 2018314013 The following person(s) is (are) doing business as: THE VALLEY IN RESORT, 660 PALISADE, PASADENA, CA 91103; THE VALLEY IN RESORT, 660 PALISADE, PASADENA, CA 91103. Full name of registrant(s) is (are) JOSE GAITAN, 660 PALISADE, PASADENA, CA 91103; ROSE VARGAS, 660 PALISADE, PASADENA, CA 91103. This Business is conducted by: A Married Couple. Signed: Jose Gaitan, Husband. This statement was filed with the County Clerk of Los Angeles County on 12/18/18. The registrant(s) has (have) commenced to transact business under the fictitious business name or names listed above on 12/2018. NOTICE- This Fictitious Name Statement expires five years from the date it was filed in the office of the County Clerk. A new Fictitious Business Name Statement must be filed prior to that date. The filing of this statement does not of itself authorize the use in this state of a Fictitious Business Name in violation of the rights of another under Federal, State, or common law (See section 14411 et seq. Business and Professions Code) Publish: ES Mountain Views News Dec 29, 2018 and Jan 5, 12, and 19, 2019

FICTITIOUS BUSINESS NAME STATEMENT

File No. 2018315762 The following person(s) is (are) doing business as: SOCIAL VIBING, 5639 ZERO APPLIANCE REPAIR EXPERTS, 6320 CANOGA AVE SUITE 1500, WOODLAND HILLS, CA 91367; SOCIAL REPAIR, 6320 CANOGA AVE SUITE 1500, WOODLAND HILLS, CA 91367; APPLIANCE EXPERT REPAIR EXPERTS, 6320 CANOGA AVE SUITE 1500, WOODLAND HILLS, CA 91367. Full name of registrant(s) is (are) NIVARD MIRAZ KAPUTIKYAN, 6320 CANOGA AVE SUITE 1500, WOODLAND HILLS, CA 91367. This business is conducted by: An Individual. Signed: Nivard Miraz Kaputikyan, Owner. This statement was filed with the County Clerk of Los Angeles County on 12/19/18. The registrant(s) has (have) commenced to transact business under the fictitious business name or names listed above on N/A. NOTICE- This Fictitious Name Statement expires five years from the date it was filed in the office of the County Clerk. A new Fictitious Business Name Statement must be filed prior to that date. The filing of this statement does not of itself authorize the use in this state of a Fictitious Business Name in violation of the rights of another under Federal, State, or common law (See section 14411 et seq. Business and Professions Code) Publish: ED Mountain Views News Dec 29, 2018 and Jan 5, 12, and 19, 2019

FICTITIOUS BUSINESS NAME STATEMENT

File No. 2018315968 The following person(s) is (are) doing business as: LITTLE ANGELS OF LOVE, 19422 GAULT ST, RESEDA, CA 91335. Full name of registrant(s) is (are) HYACINTH BROWN, 19422 GAULT ST, RESEDA, CA 91335; LEROY BROWN, 19422 GAULT ST, RESEDA, CA 91335. This Business is conducted by: A General Partnership. Signed: Hyacinth Brown, General Partner. This statement was filed with the County Clerk of Los Angeles County on 12/20/18. The registrant(s) has (have) commenced to transact business under the fictitious business name or names listed above on N/A. NOTICE- This Fictitious Name Statement expires five years from the date it was filed in the office of the County Clerk. A new Fictitious Business Name Statement must be filed prior to that date. The filing of this statement does not of itself authorize the use in this state of a Fictitious Business Name in violation of the rights of another under Federal, State, or common law (See section 14411 et seq. Business and Professions Code) Publish: ED Mountain Views News Dec 29, 2018 and Jan 5, 12, and 19, 2019

FICTITIOUS BUSINESS NAME STATEMENT

File No. 2018326026 The following person(s) is (are) doing business as: TD CONCRETE TACO, 2624 E NOUGENT ST, LANCASTER, CA 93535. Full name of registrant(s) is (are) ANTHONY RODRIGUEZ, 2624 E NOUGENT ST, LANCASTER, CA 93535. This Business is conducted by: An Individual. Signed: Louis Anthony Rodriguez, Owner. This statement was filed with the County Clerk of Los Angeles County on 12/24/18. The registrant(s) has (have) commenced to transact business under the fictitious business name or names listed above on 12/2018. NOTICE- This Fictitious Name Statement expires five years from the date it was filed in the office of the County Clerk. A new Fictitious Business Name Statement must be filed prior to that date. The filing of this statement does not of itself authorize the use in this state of a Fictitious Business Name in violation of the rights of another under Federal, State, or common law (See section 14411 et seq. Business and Professions Code) Publish: ED Mountain Views News Dec 29, 2018 and Jan 5, 12, and 19, 2019

FICTITIOUS BUSINESS NAME STATEMENT

File No. 2018315751 The following person(s) is (are) doing business as: MC SOUND WORKS, 12522 FILMORE ST #202, PACOIMA, CA 91331. Full name of registrant(s) is (are) MAURICIO SANTOS CONTRERAS, 12518 FILMORE ST #202, PACOIMA, CA 91331. This business is conducted by: An Individual. Signed: Luis Mauricio Contreras, Owner. This statement was filed with the County Clerk of Los Angeles County on 12/20/18. The registrant(s) has (have) commenced to transact business under the fictitious business name or names listed above on N/A. NOTICE- This Fictitious Name Statement expires five years from the date it was filed in the office of the County Clerk. A new Fictitious Business Name Statement must be filed prior to that date. The filing of this statement does not of itself authorize the use in this state of a Fictitious Business Name in violation of the rights of another under Federal, State, or common law (See section 14411 et seq. Business and Professions Code) Publish: ED Mountain Views News Dec 29, 2018 and Jan 5, 12, and 19, 2019

FICTITIOUS BUSINESS NAME STATEMENT

File No. 2018319089 The following person(s) is (are) doing business as: MAMONENTERPRISE, 6530 INDEPENDENCE AVE #311, CANOGA PARK, CA 91303. Full name of registrant(s) is (are) ABE MONIRUL ISLAM, 6530 INDEPENDENCE AVE #311, CANOGA PARK, CA 91303. This Business is conducted by: An Individual. Signed: Alan Monirul Islam, Owner. This statement was filed with the County Clerk of Los Angeles County on 12/26/18. The registrant(s) has (have) commenced to transact business under the fictitious business name or names listed above on 12/2018. NOTICE- This Fictitious Name Statement expires five years from the date it was filed in the office of the County Clerk. A new Fictitious Business Name Statement must be filed prior to that date. The filing of this statement does not of itself authorize the use in this state of a Fictitious Business Name in violation of the rights of another under Federal, State, or common law (See section 14411 et seq. Business and Professions Code) Publish: ED Mountain Views News Dec 29, 2018 and Jan 5, 12, and 19, 2019

FICTITIOUS BUSINESS NAME STATEMENT

File No. 2018319177 The following person(s) is (are) doing business as: ZZZ MOSHE, 8881 W PICO BLVD SUITE NUMBER 7, LOS ANGELES, CA 90035. Full name of registrant(s) is (are) MOSHE COHEN, 8881 W PICO BLVD SUITE NUMBER 7, LOS ANGELES, CA 90035. This Business is conducted by: An Individual. Signed: Moshe Cohen, Owner. This statement was filed with the County Clerk of Los Angeles County on 12/24/18. The registrant(s) has (have) commenced to transact business under the fictitious business name or names listed above on 12/2018. NOTICE- This Fictitious Name Statement expires five years from the date it was filed in the office of the County Clerk. A new Fictitious Business Name Statement must be filed prior to that date. The filing of this statement does not of itself authorize the use in this state of a Fictitious Business Name in violation of the rights of another under Federal, State, or common law (See section 14411 et seq. Business and Professions Code) Publish: ED Mountain Views News Dec 29, 2018 and Jan 5, 12, and 19, 2019

FICTITIOUS BUSINESS NAME STATEMENT

File No. 2018319005 The following person(s) is (are) doing business as: ZION'S CREATIVE & DESIGN SERVICES, 258 ANTIGUA DR, HOLLYWOOD, CA 90028. Full name of registrant(s) is (are) JOSEPHINE HANNOSCHOCK, 2840 ANTIGUA DR, HOLLYWOOD, CA 90028. This Business is conducted by: An Individual. Signed: Josephine Hannoschock, Owner. This statement was filed with the County Clerk of Los Angeles County on 12/26/18. The registrant(s) has (have) commenced to transact business under the fictitious business name or names listed above on N/A. NOTICE- This Fictitious Name Statement expires five years from the date it was filed in the office of the County Clerk. A new Fictitious Business Name Statement must be filed prior to that date. The filing of this statement does not of itself authorize the use in this state of a Fictitious Business Name in violation of the rights of another under Federal, State, or common law (See section 14411 et seq. Business and Professions Code) Publish: ED Mountain Views News Dec 29, 2018 and Jan 5, 12, and 19, 2019

FICTITIOUS BUSINESS NAME STATEMENT

File No. 2018319056 The following person(s) is (are) doing business as: MEJIA GROUP, 2333 S AVENUE 33, LOS ANGELES, CA 90065. Full name of registrant(s) is (are) JUAN MEJIA, 2333 S AVENUE 33, LOS ANGELES, CA 90065. This Business is conducted by: An Individual. Signed: Juan Fernando Mejia Zelaya, Owner. This statement was filed with the County Clerk of Los Angeles County on 12/26/18. The registrant(s) has (have) commenced to transact business under the fictitious business name or names listed above on 10/2018. NOTICE- This Fictitious Name Statement expires five years from the date it was filed in the office of the County Clerk. A new Fictitious Business Name Statement must be filed prior to that date. The filing of this statement does not of itself authorize the use in this state of a Fictitious Business Name in violation of the rights of another under Federal, State, or common law (See section 14411 et seq. Business and Professions Code) Publish: ED Mountain Views News Dec 29, 2018 and Jan 5, 12, and 19, 2019

FICTITIOUS BUSINESS NAME STATEMENT

File No. 2018317699 The following person(s) is (are) doing business as: BLOOMIN BLENDS OF SAN FERNANDO VALLEY, 8118 RHODES AVE, NORTH HOLLYWOOD, CA 91605. Full name of registrant(s) is (are) BLENDED BLENDS, INC, 8118 RHODES AVE, NORTH HOLLYWOOD, CA 91605. This Business is conducted by: A Corporation. Signed: Zhanabek Blends, INC, Stephan Zhamkochian, CEO. This statement was filed with the County Clerk of Los Angeles County on 12/21/18. The registrant(s) has (have) commenced to transact business under the fictitious business name or names listed above on 12/2018. NOTICE- This Fictitious Name Statement expires five years from the date it was filed in the office of the County Clerk. A new Fictitious Business Name Statement must be filed prior to that date. The filing of this statement does not of itself authorize the use in this state of a Fictitious Business Name in violation of the rights of another under Federal, State, or common law (See section 14411 et seq. Business and Professions Code) Publish: ED Mountain Views News Dec 29, 2018 and Jan 5, 12 and 19, 2019

FICTITIOUS BUSINESS NAME STATEMENT

File No. 2018318868 The following person(s) is (are) doing business as: BEST MED TRANSPORTATION, 401 N GLENOAKS BLVD, BURBANK, CA 91502. Full name of registrant(s) is (are) BEST MED TRANSPORTATION, INC, 401 N GLENOAKS BLVD, BURBANK, CA 91502. This Business is conducted by: A Corporation. Signed: Best Med Transportation, INC, George Mirzoshan, President. This statement was filed with the County Clerk of Los Angeles County on 12/26/18. The registrant(s) has (have) commenced to transact business under the fictitious business name or names listed above on 7/2018. NOTICE- This Fictitious Name Statement expires five years from the date it was filed in the office of the County Clerk. A new Fictitious Business Name Statement must be filed prior to that date. The filing of this statement does not of itself authorize the use in this state of a Fictitious Business Name in violation of the rights of another under Federal, State, or common law (See section 14411 et seq. Business and Professions Code) Publish: ED Mountain Views News Dec 29, 2018 and Jan 5, 12 and 19, 2019

FICTITIOUS BUSINESS NAME STATEMENT

File No. 2018316659 The following person(s) is (are) doing business as: MYAS 1A, 3939 SERVERY AVE, APT 11, LOS ANGELES, CA 90038. Full name of registrant(s) is (are) MICHAEL ACE, 3939 SERVERY AVE, APT 11, LOS ANGELES, CA 90038. This Business is conducted by: An Individual. Signed: Michael Ace, Owner. This statement was filed with the County Clerk of Los Angeles County on 12/20/18. The registrant(s) has (have) commenced to transact business under the fictitious business name or names listed above on N/A. NOTICE- This Fictitious Name Statement expires five years from the date it was filed in the office of the County Clerk. A new Fictitious Business Name Statement must be filed prior to that date. The filing of this statement does not of itself authorize the use in this state of a Fictitious Business Name in violation of the rights of another under Federal, State, or common law (See section 14411 et seq. Business and Professions Code) Publish: ED Mountain Views News Dec 29, 2018 and Jan 5, 12 and 19, 2019

FICTITIOUS BUSINESS NAME STATEMENT

File No. 2018318808 The following person(s) is (are) doing business as: H CONSTRUCTION, 1606 GLENWOOD ROAD, GLENDALE, CA 91201. Full name of registrant(s) is (are) PAPPY GHAZARYAN, 1606 GLENWOOD ROAD, GLENDALE, CA 91201. This Business is conducted by: An Individual. Signed: Pappy Ghazaryan, Owner. This statement was filed with the County Clerk of Los Angeles County on 12/21/18. The registrant(s) has (have) commenced to transact business under the fictitious business name or names listed above on N/A. NOTICE- This Fictitious Name Statement expires five years from the date it was filed in the office of the County Clerk. A new Fictitious Business Name Statement must be filed prior to that date. The filing of this statement does not of itself authorize the use in this state of a Fictitious Business Name in violation of the rights of another under Federal, State, or common law (See section 14411 et seq. Business and Professions Code) Publish: ED Mountain Views News Dec 29, 2018 and Jan 5, 12 and 19, 2019

FICTITIOUS BUSINESS NAME STATEMENT

File No. 2018317393 The following person(s) is (are) doing business as: CASH ONE TOWING, 4507 PLACID AVE, VAN NUYS, CA 91411; THE TOWING COMPANY, 15500 ERWIN ST #30, VAN NUYS, CA 91411. Full name of registrant(s) is (are) MICHAEL KOERTGEN, 4507 PLACID AVE, VAN NUYS, CA 91411. This business is conducted by: An Individual. Signed: Michael Koertgen, Owner. This statement was filed with the County Clerk of Los Angeles County on 12/21/18. The registrant(s) has (have) commenced to transact business under the fictitious business name or names listed above on 4/1979. NOTICE- This Fictitious Name Statement expires five years from the date it was filed in the office of the County Clerk. A new Fictitious Business Name Statement must be filed prior to that date. The filing of this statement does not of itself authorize the use in this state of a Fictitious Business Name in violation of the rights of another under Federal, State, or common law (See section 14411 et seq. Business and Professions Code) Publish: ED Mountain Views News Dec 29, 2018 and Jan 5, 12 and 19, 2019

FICTITIOUS BUSINESS NAME STATEMENT

File No. 2018318004 The following person(s) is (are) doing business as: BODY AND MIND PILATES, 4308 GAVIOTA AVE, ENCINO, CA 91436. Full name of registrant(s) is (are) LUX PILATES GROUP INC, 4308 GAVIOTA AVE, ENCINO, CA 91436. This Business is conducted by: A Corporation. Signed: Rafael Group, INC, Hila Magen, Secretary. This statement was filed with the County Clerk of Los Angeles County on 12/20/18. The registrant(s) has (have) commenced to transact business under the fictitious business name or names listed above on N/A. NOTICE- This Fictitious Name Statement expires five years from the date it was filed in the office of the County Clerk. A new Fictitious Business Name Statement must be filed prior to that date. The filing of this statement does not of itself authorize the use in this state of a Fictitious Business Name in violation of the rights of another under Federal, State, or common law (See section 14411 et seq. Business and Professions Code) Publish: ED Mountain Views News Dec 29, 2018 and Jan 5, 12 and 19, 2019

FICTITIOUS BUSINESS NAME STATEMENT

File No. 2018321552 The following person(s) is (are) doing business as: BOLDEN, 2413 ½ W 43RD ST, LOS ANGELES, CA 90020. Full name of registrant(s) is (are) CHRISTA BLUCK, 2413 ½ W 43RD ST, LOS ANGELES, CA 90020. This Business is conducted by: An Individual. Signed: Christa Bluck, Owner. This statement was filed with the County Clerk of Los Angeles County on 12/27/18. The registrant(s) has (have) commenced to transact business under the fictitious business name or names listed above on 12/2018. NOTICE- This Fictitious Name Statement expires five years from the date it was filed in the office of the County Clerk. A new Fictitious Business Name Statement must be filed prior to that date. The filing of this statement does not of itself authorize the use in this state of a Fictitious Business Name in violation of the rights of another under Federal, State, or common law (See section 14411 et seq. Business and Professions Code) Publish: ED Mountain Views News Dec 29, 2018 and Jan 5, 12 and 19, 2019

FICTITIOUS BUSINESS NAME STATEMENT

File No. 2018-316960 The following person(s) is (are) doing business as: ANITA'S BRIDAL BOUTIQUE, 1038 SANTEE ST, LOS ANGELES, CA 90015. Full name of registrant(s) is (are) STEVEN ACEVEDO CHAVEZ, 13911 INGLEWOOD ANE UNIT N, HAWTHORNE, CA 90250. This Business is conducted by: AN INDIVIDUAL, Signed: STEVEN ACEVEDO CHAVEZ. This statement was filed with the County Clerk of Los Angeles County on 12/21/2018. The registrant(s) has (have) commenced to transact business under the fictitious business name or names listed above on N/A. NOTICE- This Fictitious Name Statement expires five years from the date it was filed in the office of the County Clerk. A new Fictitious Business Name Statement must be filed prior to that date. The filing of this statement does not of itself authorize the use in this state of a Fictitious Business Name in violation of the rights of another under Federal, State, or common law (See section 14411 et seq. Business and Professions Code)Publish: Mountain Views News Dates Pub: DEC 29, 2018 JAN 05, 12, 19, 2019

FICTITIOUS BUSINESS NAME STATEMENT

File No. 2018-315651 The following person(s) is (are) doing business as: WORLD ENTERPRISE, 1636 LAKE SHORE AVENUE, LOS ANGELES, CA 90026. Full name of registrant(s) is (are) AGUSTIN BARRERA CRUZ, 1636 LAKE SHORE AVENUE, LOS ANGELES, CA 90026. This Business is conducted by: AN INDIVIDUAL, Signed: AGUSTIN BARRERA CRUZ. This statement was filed with the County Clerk of Los Angeles County on 12/20/2018. The registrant(s) has (have) commenced to transact business under the fictitious business name or names listed above on N/A. NOTICE- This Fictitious Name Statement expires five years from the date it was filed in the office of the County Clerk. A new Fictitious Business Name Statement must be filed prior to that date. The filing of this statement does not of itself authorize the use in this state of a Fictitious Business Name in violation of the rights of another under Federal, State, or common law (See section 14411 et seq. Business and Professions Code)Publish: Mountain Views News Dates Pub: DEC 29, 2018 JAN 05, 12, 19, 2019

FICTITIOUS BUSINESS NAME STATEMENT

File No. 2018-309696 The following person(s) is (are) doing business as: BRAKE CENTERS, 4732 MANHATTAN BEACH BLVD, LAWNDALE, CA 90260. Full name of registrant(s) is (are) MANOUCHEHR MESHKINJAFARI, 4732 MANHATTAN BEACH BLVD, LAWNDALE, CA 90260. This Business is conducted by: AN INDIVIDUAL, Signed: MANOUCHEHR MESHKINJAFARI. This statement was filed with the County Clerk of Los Angeles County on 12/13/2018. The registrant(s) has (have) commenced to transact business under the fictitious business name or names listed above on N/A. NOTICE- This Fictitious Name Statement expires five years from the date it was filed in the office of the County Clerk. A new Fictitious Business Name Statement must be filed prior to that date. The filing of this statement does not of itself authorize the use in this state of a Fictitious Business Name in violation of the rights of another under Federal, State, or common law (See section 14411 et seq. Business and Professions Code)Publish: Mountain Views News Dates Pub: DEC 29, 2018 JAN 05, 12, 19, 2019

FICTITIOUS BUSINESS NAME STATEMENT

File No. 2018-305071 The following person(s) is (are) doing business as: BRIAN'S BURGER SERVICE, 2021 S WESTERN AVE, LOS ANGELES, CA 90018. Full name of registrant(s) is (are) SUNG HANG SHIN, 288 DEWEY AVE #301, LOS ANGELES, CA 90006. This Business is conducted by: AN INDIVIDUAL, Signed: SUNG HANG SHIN. This statement was filed with the County Clerk of Los Angeles County on 12/07/2018. The registrant(s) has (have) commenced to transact business under the fictitious business name or names listed above on N/A. NOTICE- This Fictitious Name Statement expires five years from the date it was filed in the office of the County Clerk. A new Fictitious Business Name Statement must be filed prior to that date. The filing of this statement does not of itself authorize the use in this state of a Fictitious Business Name in violation of the rights of another under Federal, State, or common law (See section 14411 et seq. Business and Professions Code)Publish: Mountain Views News Dates Pub: DEC 29, 2018 JAN 05, 12, 19, 2019

FICTITIOUS BUSINESS NAME STATEMENT

File No. 2018-316238 The following person(s) is (are) doing business as: BRONZE & WOOL, BRONZE AND WOOL, 23760 STONECLIFF LANE, HARBOR CITY, CA 90710. Full name of registrant(s) is (are) ERICKA DENAE FRANKLIN, 23760 STONECLIFF LANE, HARBOR CITY, CA 90710. This Business is conducted by: AN INDIVIDUAL, Signed: ERICKA DENAE FRANKLIN. This statement was filed with the County Clerk of Los Angeles County on 12/20/2018. The registrant(s) has (have) commenced to transact business under the fictitious business name or names listed above on N/A. NOTICE- This Fictitious Name Statement expires five years from the date it was filed in the office of the County Clerk. A new Fictitious Business Name Statement must be filed prior to that date. The filing of this statement does not of itself authorize the use in this state of a Fictitious Business Name in violation of the rights of another under Federal, State, or common law (See section 14411 et seq. Business and Professions Code)Publish: Mountain Views News Dates Pub: DEC 29, 2018 JAN 05, 12, 19, 2019

FICTITIOUS BUSINESS NAME STATEMENT

File No. 2018-309080 The following person(s) is (are) doing business as: BROWS BY SANDRA, 310 W HUNTINGTON DR STE 102, ARCADIA, CA 91007. Full name of registrant(s) is (are) SANDRA NATIDA KHOPOM, 3610 GREENWOOD AVE APT 8, SAN GABRIEL, CA 91776. This Business is conducted by: AN INDIVIDUAL, Signed: SANDRA NATIDA KHOPOM. This statement was filed with the County Clerk of Los Angeles County on 12/12/2018. The registrant(s) has (have) commenced to transact business under the fictitious business name or names listed above on N/A. NOTICE- This Fictitious Name Statement expires five years from the date it was filed in the office of the County Clerk. A new Fictitious Business Name Statement must be filed prior to that date. The filing of this statement does not of itself authorize the use in this state of a Fictitious Business Name in violation of the rights of another under Federal, State, or common law (See section 14411 et seq. Business and Professions Code)Publish: Mountain Views News Dates Pub: DEC 29, 2018 JAN 05, 12, 19, 2019

FICTITIOUS BUSINESS NAME STATEMENT

File No. 2018-316064 The following person(s) is (are) doing business as: CASCO CONCRETE CONTROL, 16749 PARKSIDE AVE, CERRITOS, CA 90703. Full name of registrant(s) is (are) ESDRAS O CASCO, 16749 PARKSIDE AVE, CERRITOS, CA 90703. This Business is conducted by: AN INDIVIDUAL, Signed: ESDRAS O CASCO. This statement was filed with the County Clerk of Los Angeles County on 12/13/2018. The registrant(s) has (have) commenced to transact business under the fictitious business name or names listed above on 04/2012. NOTICE- This Fictitious Name Statement expires five years from the date it was filed in the office of the County Clerk. A new Fictitious Business Name Statement must be filed prior to that date. The filing of this statement does not of itself authorize the use in this state of a Fictitious Business Name in violation of the rights of another under Federal, State, or common law (See section 14411 et seq. Business and Professions Code)Publish: Mountain Views News Dates Pub: DEC 29, 2018 JAN 05, 12, 19, 2019

FICTITIOUS BUSINESS NAME STATEMENT

File No. 2018-307756 The following person(s) is (are) doing business as: CIROS AUTO SALES, CIRO'S AUTO SALES, 9561 LUNDAHL DR, PICO RIVERA, CA 90660. Full name of registrant(s) is (are) MIGUEL CIRO DURAN, 9561 LUNDAHL DR, PICO RIVERA, CA 90660. This Business is conducted by: AN INDIVIDUAL, Signed: MIGUEL CIRO DURAN. This statement was filed with the County Clerk of Los Angeles County on 12/11/2018. The registrant(s) has (have) commenced to transact business under the fictitious business name or names listed above on N/A. NOTICE- This Fictitious Name Statement expires five years from the date it was filed in the office of the County Clerk. A new Fictitious Business Name Statement must be filed prior to that date. The filing of this statement does not of itself authorize the use in this state of a Fictitious Business Name in violation of the rights of another under Federal, State, or common law (See section 14411 et seq. Business and Professions Code)Publish: Mountain Views News Dates Pub: DEC 29, 2018 JAN 05, 12, 19, 2019

FICTITIOUS BUSINESS NAME STATEMENT

File No. 2018-307461 The following person(s) is (are) doing business as: CONOCE MI CULTURA, 11473 VENICE BLVD APT 6, LOS ANGELES, CA 90066. Full name of registrant(s) is (are) CARLOS GARCIA CORTES, 11473 VENICE BLVD APT 6, LOS ANGELES, CA 90066. This Business is conducted by: AN INDIVIDUAL, Signed: CARLOS GARCIA CORTES. This statement was filed with the County Clerk of Los Angeles County on 12/11/2018. The registrant(s) has (have) commenced to transact business under the fictitious business name or names listed above on N/A. NOTICE- This Fictitious Name Statement expires five years from the date it was filed in the office of the County Clerk. A new Fictitious Business Name Statement must be filed prior to that date. The filing of this statement does not of itself authorize the use in this state of a Fictitious Business Name in violation of the rights of another under Federal, State, or common law (See section 14411 et seq. Business and Professions Code)Publish: Mountain Views News Dates Pub: DEC 29, 2018 JAN 05, 12, 19, 2019

FICTITIOUS BUSINESS NAME STATEMENT

File No. 2018-310228 The following person(s) is (are) doing business as: CORTEZ JR'S TIRES, 4827 EAST OLYMPIC BLVD, EAST LOS ANGELES, CA 90022. Full name of registrant(s) is (are) ROSALIO CORTEZ JR, 12602 MAGNOLIA ST, EL MONTE, CA 91732. This Business is conducted by: AN INDIVIDUAL, Signed: ROSALIO CORTEZ JR. This statement was filed with the County Clerk of Los Angeles County on 12/13/2018. The registrant(s) has (have) commenced to transact business under the fictitious business name or names listed above on 07/2015. NOTICE- This Fictitious Name Statement expires five years from the date it was filed in the office of the County Clerk. A new Fictitious Business Name Statement must be filed prior to that date. The filing of this statement does not of itself authorize the use in this state of a Fictitious Business Name in violation of the rights of another under Federal, State, or common law (See section 14411 et seq. Business and Professions Code)Publish: Mountain Views News Dates Pub: DEC 29, 2018 JAN 05, 12, 19, 2019

FICTITIOUS BUSINESS NAME STATEMENT

File No. 2018-309949 The following person(s) is (are) doing business as: DIRECT LINE TRANSPORT, 5125 E 61ST ST, MAYWOOD, CA 90270. Full name of registrant(s) is (are) JOSE ERNESTO PEREZ PORTILLO, 5125 E 61ST ST, MAYWOOD, CA 90270; MARTA ALICIA PORTILLO, 5125 E 61ST ST, MAYWOOD, CA 90270. This Business is conducted by: A GENERAL PARTNERSHIP, Signed: ELDIN PEREZ PORTILLO. This statement was filed with the County Clerk of Los Angeles County on 12/13/2018. The registrant(s) has (have) commenced to transact business under the fictitious business name or names listed above on N/A. NOTICE- This Fictitious Name Statement expires five years from the date it was filed in the office of the County Clerk. A new Fictitious Business Name Statement must be filed prior to that date. The filing of this statement does not of itself authorize the use in this state of a Fictitious Business Name in violation of the rights of another under Federal, State, or common law (See section 14411 et seq. Business and Professions Code)Publish: Mountain Views News Dates Pub: DEC 29, 2018 JAN 05, 12, 19, 2019

FICTITIOUS BUSINESS NAME STATEMENT

File No. 2018-308588 The following person(s) is (are) doing business as: ELLIOTT'S CHILD CARE, 18745 LA GUARDIA ST, ROWLAND HEIGHTS, CA 91748. Full name of registrant(s) is (are) LUIS LUQUE, 18745 LA GUARDIA ST, ROWLAND HEIGHTS, CA 91748; ALMA ROSA DUME, 18745 LA GUARDIA ST, ROWLAND HEIGHTS, CA 91748. This Business is conducted by: A MARRIED COUPLE, Signed: LUIS LUQUE. This statement was filed with the County Clerk of Los Angeles County on 12/12/2018. The registrant(s) has (have) commenced to transact business under the fictitious business name or names listed above on 05/2013. NOTICE- This Fictitious Name Statement expires five years from the date it was filed in the office of the County Clerk. A new Fictitious Business Name Statement must be filed prior to that date. The filing of this statement does not of itself authorize the use in this state of a Fictitious Business Name in violation of the rights of another under Federal, State, or common law (See section 14411 et seq. Business and Professions Code)Publish: Mountain Views News Dates Pub: DEC 29, 2018 JAN 05, 12, 19, 2019

FICTITIOUS BUSINESS NAME STATEMENT

File No. 2018-306251 The following person(s) is (are) doing business as: EXCELLENCE CLEANING SERVICE, 219 ½ ELLIOTT AVE, AZUSA, CA 91702. Full name of registrant(s) is (are) GISELLE RUBI, 219 ½ ELLIOTT AVE, AZUSA, CA 91702. This Business is conducted by: AN INDIVIDUAL, Signed: GISELLE RUBI. This statement was filed with the County Clerk of Los Angeles County on 12/10/2018. The registrant(s) has (have) commenced to transact business under the fictitious business name or names listed above on N/A. NOTICE- This Fictitious Name Statement expires five years from the date it was filed in the office of the County Clerk. A new Fictitious Business Name Statement must be filed prior to that date. The filing of this statement does not of itself authorize the use in this state of a Fictitious Business Name in violation of the rights of another under Federal, State, or common law (See section 14411 et seq. Business and Professions Code)Publish: Mountain Views News Dates Pub: DEC 29, 2018 JAN 05, 12, 19, 2019

FICTITIOUS BUSINESS NAME STATEMENT

File No. 2018-309254 The following person(s) is (are) doing business as: EXPRESS CHECKPOINT, 2657 E 56TH WAY APT 3, LONG BEACH, CA 90805. Full name of registrant(s) is (are) JAMAAR HARR, 2657 E 56TH WAY APT 3, LONG BEACH, CA 90805; GEORGE CULPEPPER, 10959 E 107TH ST APT 101, LOS ANGELES, CA 90044. This Business is conducted by: A GENERAL PARTNERSHIP, Signed: JAMAAR HARR. This statement was filed with the County Clerk of Los Angeles County on 12/12/2018.

Mountain Views News 80 W Sierra Madre Blvd. No. 327 Sierra Madre, Ca. 91024 Office: 626.355.2737 Fax: 626.609.3285 Email: editor@mtnviewsnews.com Website: www.mtnviewsnews.com
